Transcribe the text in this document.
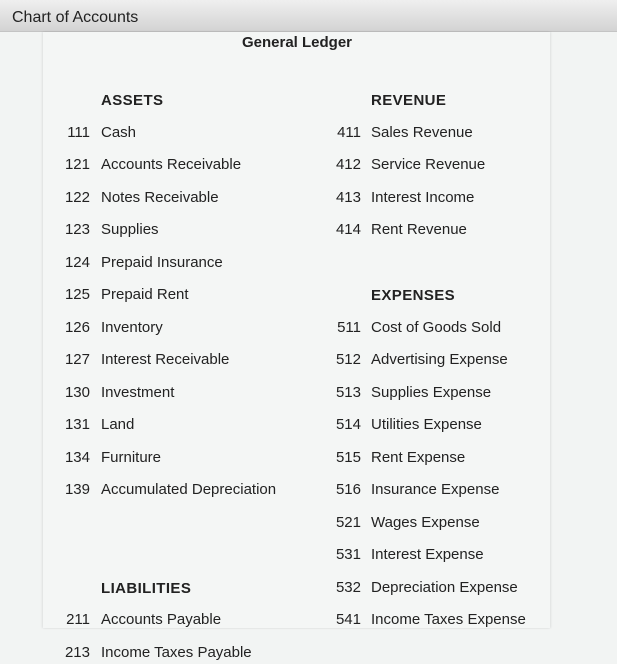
Chart of Accounts
General Ledger
ASSETS
111 Cash
121 Accounts Receivable
122 Notes Receivable
123 Supplies
124 Prepaid Insurance
125 Prepaid Rent
126 Inventory
127 Interest Receivable
130 Investment
131 Land
134 Furniture
139 Accumulated Depreciation
LIABILITIES
211 Accounts Payable
213 Income Taxes Payable
REVENUE
411 Sales Revenue
412 Service Revenue
413 Interest Income
414 Rent Revenue
EXPENSES
511 Cost of Goods Sold
512 Advertising Expense
513 Supplies Expense
514 Utilities Expense
515 Rent Expense
516 Insurance Expense
521 Wages Expense
531 Interest Expense
532 Depreciation Expense
541 Income Taxes Expense
